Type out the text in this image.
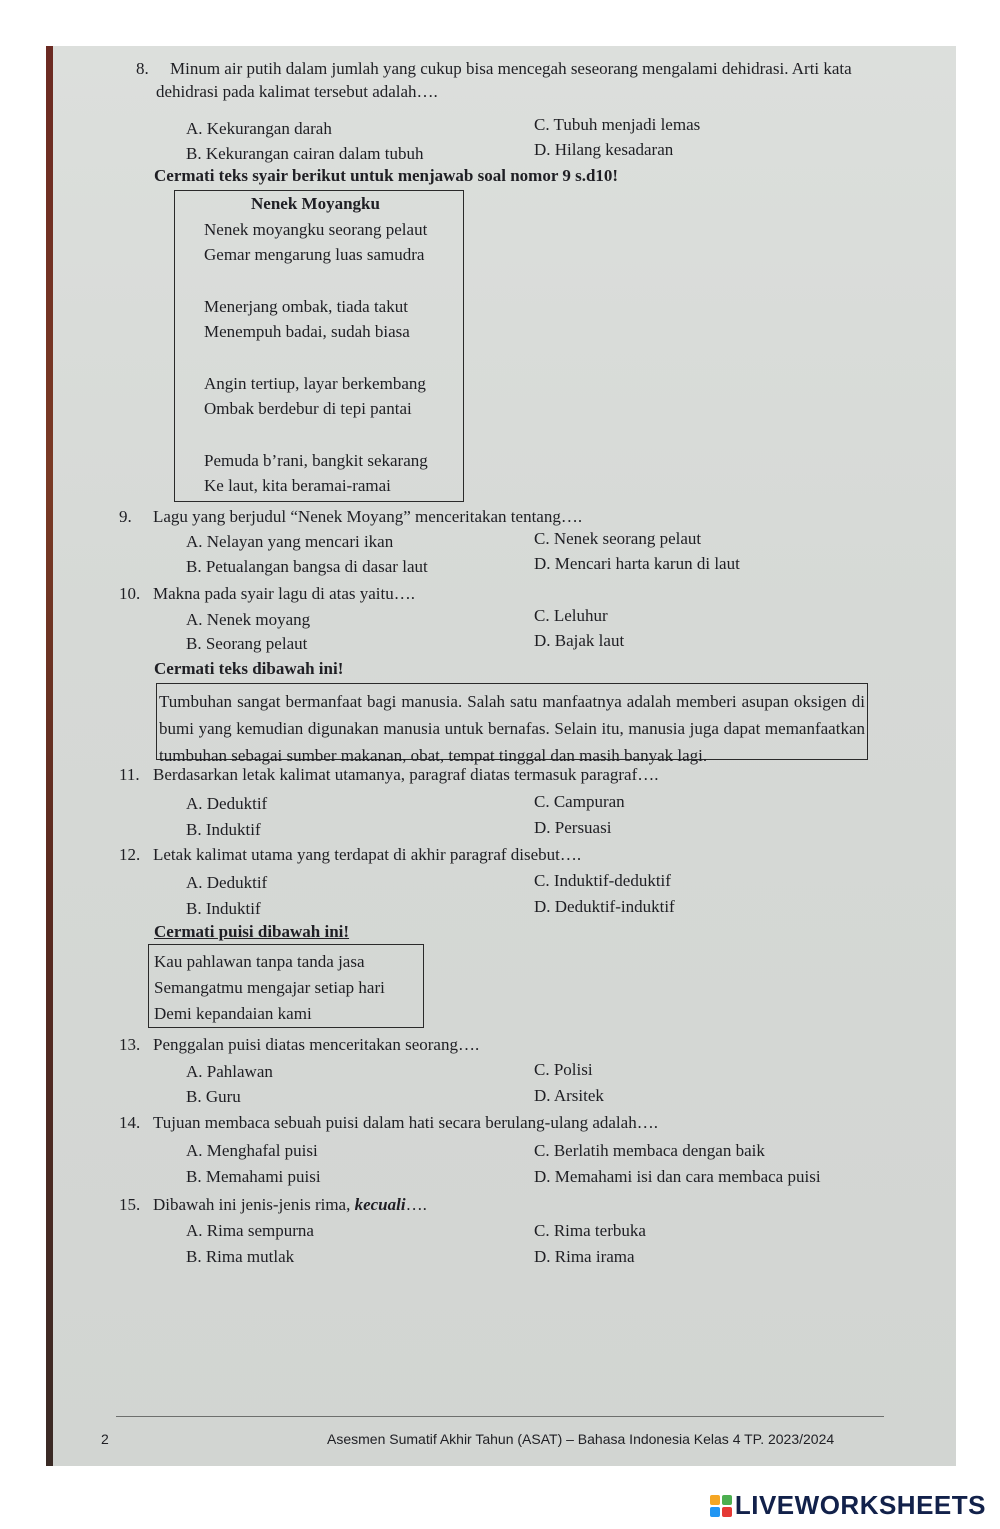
8. Minum air putih dalam jumlah yang cukup bisa mencegah seseorang mengalami dehidrasi. Arti kata
dehidrasi pada kalimat tersebut adalah….
A. Kekurangan darah
B. Kekurangan cairan dalam tubuh
C. Tubuh menjadi lemas
D. Hilang kesadaran
Cermati teks syair berikut untuk menjawab soal nomor 9 s.d10!
Nenek Moyangku
Nenek moyangku seorang pelaut
Gemar mengarung luas samudra
Menerjang ombak, tiada takut
Menempuh badai, sudah biasa
Angin tertiup, layar berkembang
Ombak berdebur di tepi pantai
Pemuda b’rani, bangkit sekarang
Ke laut, kita beramai-ramai
9. Lagu yang berjudul “Nenek Moyang” menceritakan tentang….
A. Nelayan yang mencari ikan
B. Petualangan bangsa di dasar laut
C. Nenek seorang pelaut
D. Mencari harta karun di laut
10. Makna pada syair lagu di atas yaitu….
A. Nenek moyang
B. Seorang pelaut
C. Leluhur
D. Bajak laut
Cermati teks dibawah ini!
Tumbuhan sangat bermanfaat bagi manusia. Salah satu manfaatnya adalah memberi asupan oksigen di bumi yang kemudian digunakan manusia untuk bernafas. Selain itu, manusia juga dapat memanfaatkan tumbuhan sebagai sumber makanan, obat, tempat tinggal dan masih banyak lagi.
11. Berdasarkan letak kalimat utamanya, paragraf diatas termasuk paragraf….
A. Deduktif
B. Induktif
C. Campuran
D. Persuasi
12. Letak kalimat utama yang terdapat di akhir paragraf disebut….
A. Deduktif
B. Induktif
C. Induktif-deduktif
D. Deduktif-induktif
Cermati puisi dibawah ini!
Kau pahlawan tanpa tanda jasa
Semangatmu mengajar setiap hari
Demi kepandaian kami
13. Penggalan puisi diatas menceritakan seorang….
A. Pahlawan
B. Guru
C. Polisi
D. Arsitek
14. Tujuan membaca sebuah puisi dalam hati secara berulang-ulang adalah….
A. Menghafal puisi
B. Memahami puisi
C. Berlatih membaca dengan baik
D. Memahami isi dan cara membaca puisi
15. Dibawah ini jenis-jenis rima, kecuali….
A. Rima sempurna
B. Rima mutlak
C. Rima terbuka
D. Rima irama
2	Asesmen Sumatif Akhir Tahun (ASAT) – Bahasa Indonesia Kelas 4 TP. 2023/2024
LIVEWORKSHEETS
